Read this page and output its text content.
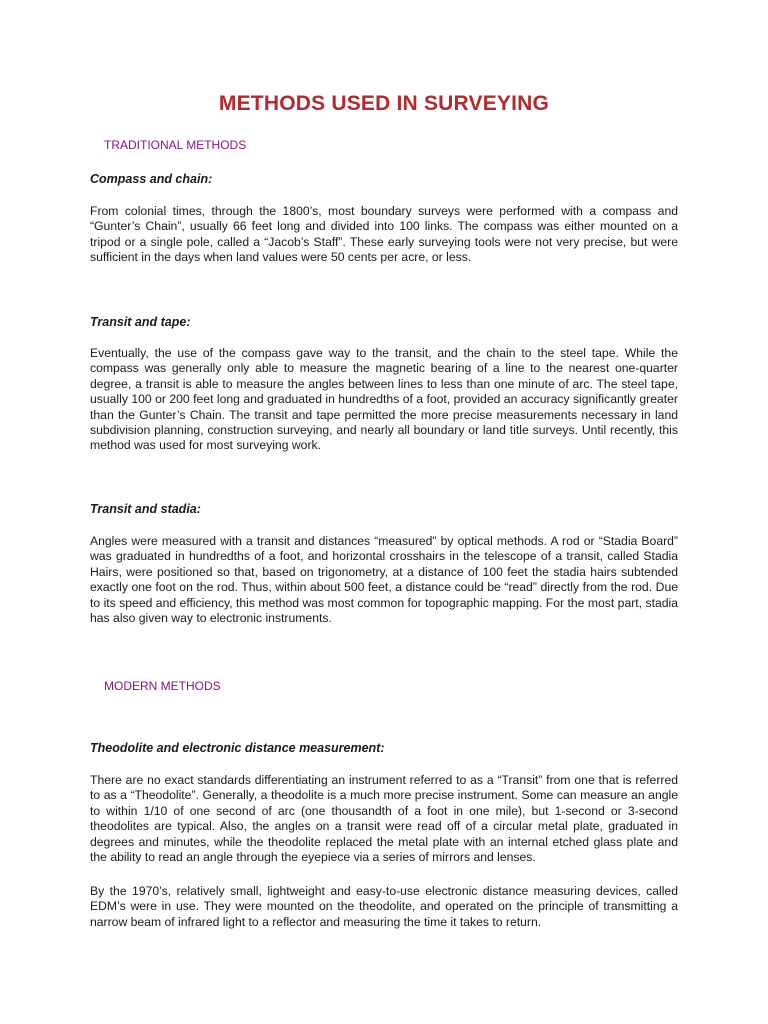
METHODS USED IN SURVEYING
TRADITIONAL METHODS
Compass and chain:

From colonial times, through the 1800’s, most boundary surveys were performed with a compass and “Gunter’s Chain”, usually 66 feet long and divided into 100 links. The compass was either mounted on a tripod or a single pole, called a “Jacob’s Staff”. These early surveying tools were not very precise, but were sufficient in the days when land values were 50 cents per acre, or less.

Transit and tape:

Eventually, the use of the compass gave way to the transit, and the chain to the steel tape. While the compass was generally only able to measure the magnetic bearing of a line to the nearest one-quarter degree, a transit is able to measure the angles between lines to less than one minute of arc. The steel tape, usually 100 or 200 feet long and graduated in hundredths of a foot, provided an accuracy significantly greater than the Gunter’s Chain. The transit and tape permitted the more precise measurements necessary in land subdivision planning, construction surveying, and nearly all boundary or land title surveys. Until recently, this method was used for most surveying work.

Transit and stadia:

Angles were measured with a transit and distances “measured” by optical methods. A rod or “Stadia Board” was graduated in hundredths of a foot, and horizontal crosshairs in the telescope of a transit, called Stadia Hairs, were positioned so that, based on trigonometry, at a distance of 100 feet the stadia hairs subtended exactly one foot on the rod. Thus, within about 500 feet, a distance could be “read” directly from the rod. Due to its speed and efficiency, this method was most common for topographic mapping. For the most part, stadia has also given way to electronic instruments.

MODERN METHODS
Theodolite and electronic distance measurement:

There are no exact standards differentiating an instrument referred to as a “Transit” from one that is referred to as a “Theodolite”. Generally, a theodolite is a much more precise instrument. Some can measure an angle to within 1/10 of one second of arc (one thousandth of a foot in one mile), but 1-second or 3-second theodolites are typical. Also, the angles on a transit were read off of a circular metal plate, graduated in degrees and minutes, while the theodolite replaced the metal plate with an internal etched glass plate and the ability to read an angle through the eyepiece via a series of mirrors and lenses.

By the 1970’s, relatively small, lightweight and easy-to-use electronic distance measuring devices, called EDM’s were in use. They were mounted on the theodolite, and operated on the principle of transmitting a narrow beam of infrared light to a reflector and measuring the time it takes to return.
